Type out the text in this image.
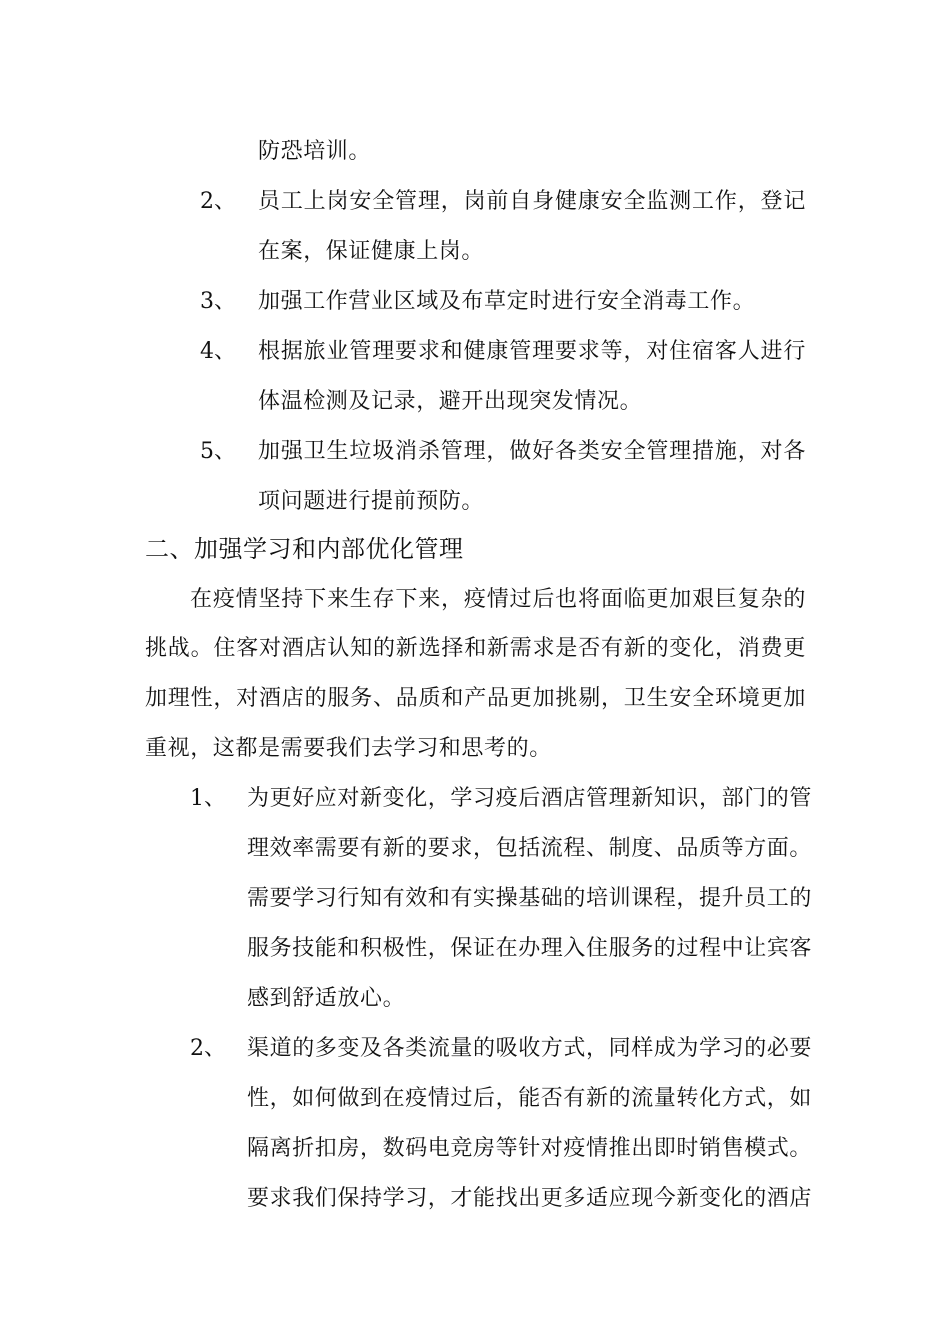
防恐培训。
2、 员工上岗安全管理，岗前自身健康安全监测工作，登记
在案，保证健康上岗。
3、 加强工作营业区域及布草定时进行安全消毒工作。
4、 根据旅业管理要求和健康管理要求等，对住宿客人进行
体温检测及记录，避开出现突发情况。
5、 加强卫生垃圾消杀管理，做好各类安全管理措施，对各
项问题进行提前预防。
二、加强学习和内部优化管理
在疫情坚持下来生存下来，疫情过后也将面临更加艰巨复杂的
挑战。住客对酒店认知的新选择和新需求是否有新的变化，消费更
加理性，对酒店的服务、品质和产品更加挑剔，卫生安全环境更加
重视，这都是需要我们去学习和思考的。
1、 为更好应对新变化，学习疫后酒店管理新知识，部门的管
理效率需要有新的要求，包括流程、制度、品质等方面。
需要学习行知有效和有实操基础的培训课程，提升员工的
服务技能和积极性，保证在办理入住服务的过程中让宾客
感到舒适放心。
2、 渠道的多变及各类流量的吸收方式，同样成为学习的必要
性，如何做到在疫情过后，能否有新的流量转化方式，如
隔离折扣房，数码电竞房等针对疫情推出即时销售模式。
要求我们保持学习，才能找出更多适应现今新变化的酒店
